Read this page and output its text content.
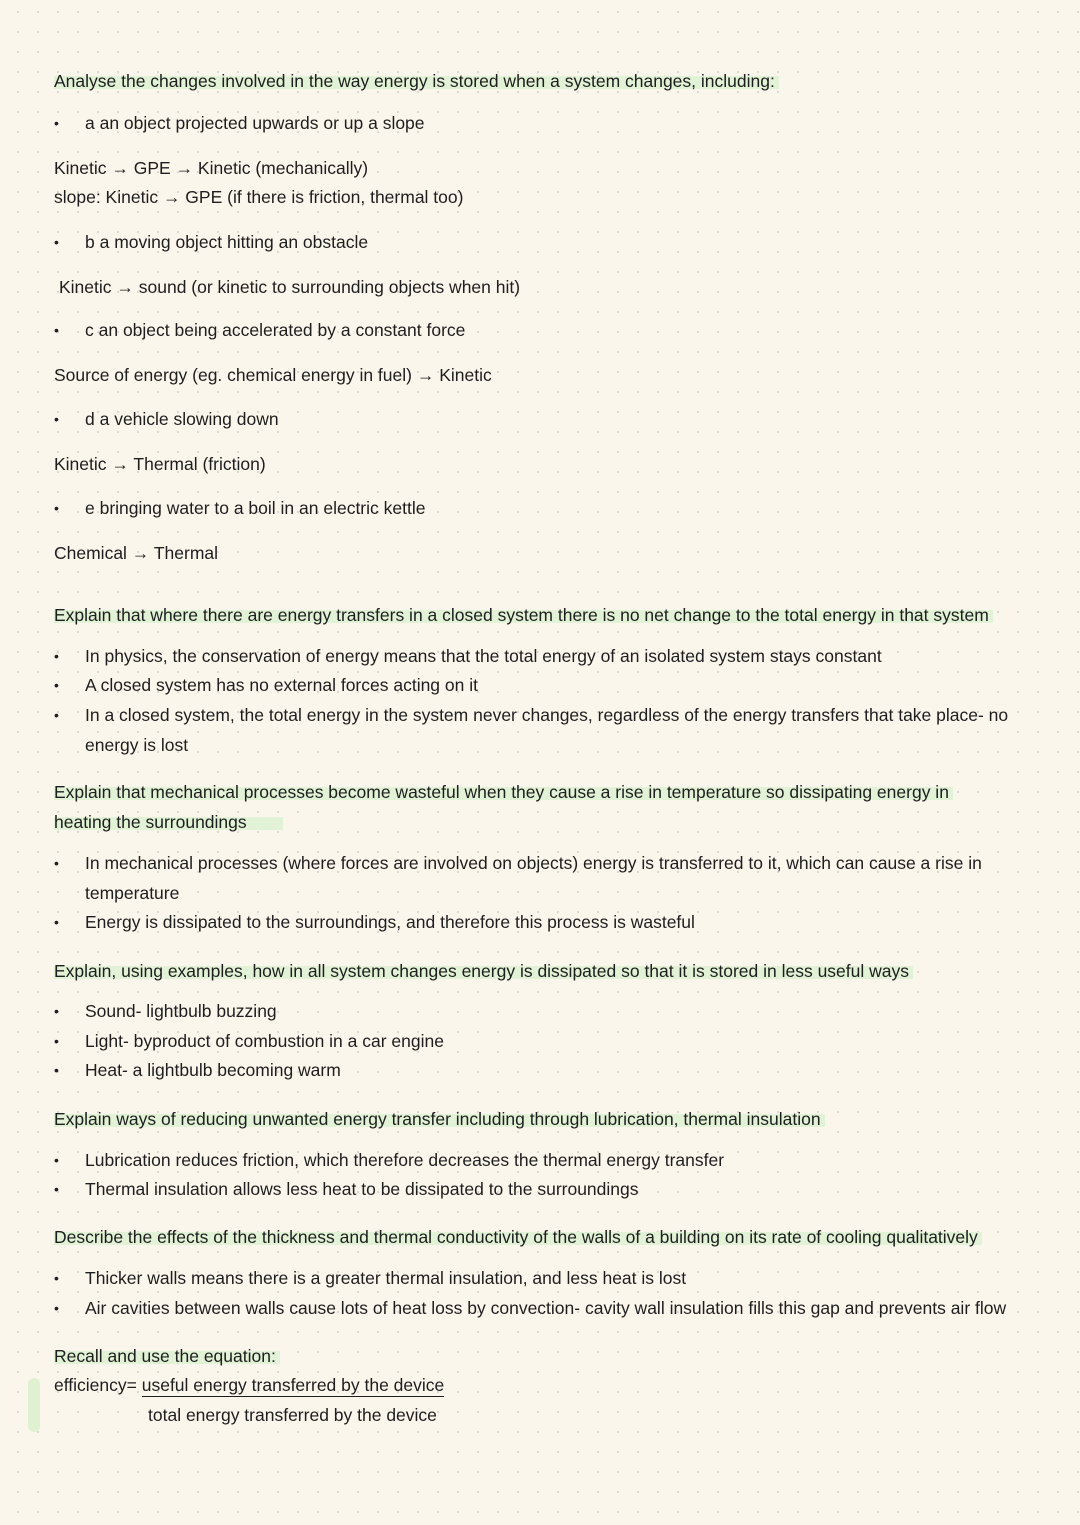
Analyse the changes involved in the way energy is stored when a system changes, including:
•	a an object projected upwards or up a slope
Kinetic → GPE → Kinetic (mechanically)
slope: Kinetic → GPE (if there is friction, thermal too)
•	b a moving object hitting an obstacle
Kinetic → sound (or kinetic to surrounding objects when hit)
•	c an object being accelerated by a constant force
Source of energy (eg. chemical energy in fuel) → Kinetic
•	d a vehicle slowing down
Kinetic → Thermal (friction)
•	e bringing water to a boil in an electric kettle
Chemical → Thermal
Explain that where there are energy transfers in a closed system there is no net change to the total energy in that system
•	In physics, the conservation of energy means that the total energy of an isolated system stays constant
•	A closed system has no external forces acting on it
•	In a closed system, the total energy in the system never changes, regardless of the energy transfers that take place- no energy is lost
Explain that mechanical processes become wasteful when they cause a rise in temperature so dissipating energy in
heating the surroundings
•	In mechanical processes (where forces are involved on objects) energy is transferred to it, which can cause a rise in temperature
•	Energy is dissipated to the surroundings, and therefore this process is wasteful
Explain, using examples, how in all system changes energy is dissipated so that it is stored in less useful ways
•	Sound- lightbulb buzzing
•	Light- byproduct of combustion in a car engine
•	Heat- a lightbulb becoming warm
Explain ways of reducing unwanted energy transfer including through lubrication, thermal insulation
•	Lubrication reduces friction, which therefore decreases the thermal energy transfer
•	Thermal insulation allows less heat to be dissipated to the surroundings
Describe the effects of the thickness and thermal conductivity of the walls of a building on its rate of cooling qualitatively
•	Thicker walls means there is a greater thermal insulation, and less heat is lost
•	Air cavities between walls cause lots of heat loss by convection- cavity wall insulation fills this gap and prevents air flow
Recall and use the equation:
efficiency= useful energy transferred by the device
total energy transferred by the device
